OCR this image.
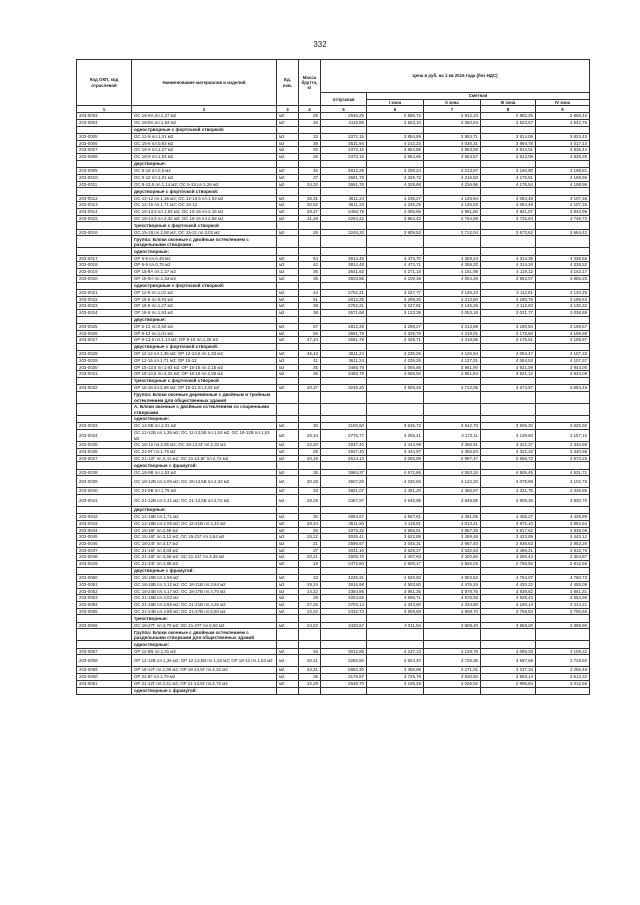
332
Код ОКП, код отраслевой	Наименование материалов и изделий	Ед. изм.	Масса брутто, кг	Цена в руб. на 1 кв 2016 года (без НДС)				
				отпускная	Сметная			
					I зона	II зона	III зона	IV зона
1	2	3	4	5	6	7	8	9
203-0003	ОС 15-9А пл.1,27 м2	м2	25	2546,25	2 885,72	2 912,23	2 882,25	2 858,42
203-0004	ОС 18-9А пл.1,53 м2	м2	26	3116,88	3 553,10	3 550,84	3 523,67	3 542,75
	однострворные с форточкой створкой:							
203-0005	ОС 12-9 пл.1,01 м2	м2	33	3372,15	3 854,89	3 853,71	3 814,06	3 833,43
203-0006	ОС 15-6 пл.0,83 м2	м2	38	3531,94	4 142,23	4 036,31	3 894,78	4 017,13
203-0007	ОС 15-9 пл.1,27 м2	м2	30	3372,15	3 854,85	3 853,58	3 814,01	3 835,44
203-0008	ОС 18-9 пл.1,53 м2	м2	28	3372,15	3 854,85	3 853,57	3 813,09	3 835,38
	двустворные:							
203-0009	ОС 6-12 пл.0,5 м2	м2	45	2812,29	3 298,24	3 213,67	3 180,80	3 198,61
203-0010	ОС 9-12 пл.1,01 м2	м2	37	3691,78	4 329,72	4 216,93	4 175,51	4 198,96
203-0011	ОС 9-13,5 пл.1,14 м2; ОС 9-15 пл.1,26 м2	м2	34,33	3691,78	4 329,68	4 216,96	4 175,54	4 198,96
	двустворные с форточкой створкой:							
203-0012	ОС 12-12 пл.1,36 м2; ОС 12-13,5 пл.1,53 м2	м2	35,31	3611,24	4 235,27	4 126,94	4 084,48	4 107,38
203-0013	ОС 12-15 пл.1,71 м2; ОС 15-12	м2	30,52	3611,24	4 235,25	4 126,93	4 084,48	4 107,35
203-0014	ОС 15-13,5 пл.1,93 м2; ОС 15-15 пл.2,15 м2	м2	29,27	3466,79	4 065,86	3 961,60	3 921,07	3 942,99
203-0015	ОС 18-13,5 пл.2,32 м2; ОС 18-15 пл.2,58 м2	м2	31,28	3294,22	3 863,42	3 764,59	3 725,84	3 746,72
	трехстворные с форточкой створкой							
203-0016	ОС 15-18 пл.2,58 м2; ОС 15-21 пл.3,02 м2	м2	28	3249,20	3 809,53	3 712,04	3 673,62	3 694,42
	Группа: Блоки оконные с двойным остеклением с раздельными створками:							
	одностворные:							
203-0017	ОР 6-9 пл.0,49 м2	м2	54	3814,48	4 473,70	4 359,24	4 314,35	4 338,55
203-0018	ОР 9-9 пл.0,75 м2	м2	42	3814,48	4 473,71	4 359,20	4 314,34	4 338,52
203-0019	ОР 15-9А пл.1,27 м2	м2	36	3641,92	4 271,18	4 161,98	4 119,12	4 142,17
203-0020	ОР 18-9А пл.1,53 м2	м2	35	3503,86	4 109,36	4 004,29	3 963,07	3 985,25
	однострворные с форточкой створкой:							
203-0021	ОР 12-9 пл.1,01 м2	м2	44	2752,21	3 227,77	3 145,23	3 112,81	3 130,28
203-0022	ОР 15-6 пл.0,83 м2	м2	51	2812,29	3 298,26	3 213,60	3 180,79	3 198,64
203-0023	ОР 15-9 пл.1,27 м2	м2	38	2752,21	3 227,81	3 145,26	3 112,83	3 130,32
203-0024	ОР 18-9 пл.1,53 м2	м2	38	2671,68	3 133,35	3 053,18	3 021,77	3 038,69
	двустворные:							
203-0025	ОР 6-12 пл.0,66 м2	м2	67	2812,29	3 298,27	3 213,88	3 180,84	3 198,67
203-0026	ОР 9-12 пл.1,01 м2	м2	50	3691,78	4 329,75	4 219,01	4 175,60	4 198,98
203-0027	ОР 9-13,5 пл.1,14 м2; ОР 9-15 пл.1,26 м2	м2	47,44	3691,78	4 329,71	4 218,96	4 175,51	4 198,97
	двустворные с форточкой створкой:							
203-0028	ОР 12-12 пл.1,36 м2; ОР 12-13,5 пл.1,53 м2	м2	46,43	3611,24	4 235,26	4 126,94	4 084,47	4 107,33
203-0029	ОР 12-15 пл.1,71 м2; ОР 15-12	м2	41	3611,24	4 235,28	4 127,01	4 084,53	4 107,37
203-0030	ОР 15-13,5 пл.1,93 м2; ОР 15-15 пл.2,15 м2	м2	35	3466,79	4 065,86	3 961,90	3 921,09	3 943,00
203-0031	ОР 18-13,5 пл.2,32 м2; ОР 18-15 пл.2,58 м2	м2	36	3466,79	4 066,92	3 961,84	3 921,12	3 943,08
	трехстворные с форточкой створкой							
203-0032	ОР 15-18 пл.2,58 м2; ОР 15-21 пл.3,02 м2	м2	40,37	3248,20	3 809,49	3 712,06	3 673,67	3 694,49
	Группа: Блоки оконные деревянные с двойным и тройным остеклением для общественных зданий							
	А. Блоки оконные с двойным остеклением со спаренными створками							
	одностворные:							
203-0033	ОС 12-9В пл.1,01 м2	м2	30	3100,60	3 635,72	3 542,70	3 506,20	3 525,90
203-0034	ОС 12-12В пл.1,36 м2; ОС 12-13,5В пл.1,53 м2; ОС 18-12В пл.1,53 м2	м2	25,24	2775,77	3 255,41	3 172,11	3 139,50	3 157,10
203-0035	ОС 18-12 пл.2,06 м2; ОС 18-13,5Г пл.2,32 м2	м2	22,20	2937,40	3 444,99	3 356,91	3 322,37	3 340,98
203-0036	ОС 21-9Г пл.1,79 м2	м2	25	2937,40	3 444,97	3 356,84	3 322,32	3 340,98
203-0037	ОС 21-12Г пл.2,41 м2; ОС 21-13,5Г пл.2,72 м2	м2	20,19	2614,14	3 065,89	2 987,47	2 956,72	2 973,25
	одностворные с фрамугой:							
203-0038	ОС 18-9В пл.1,53 м2	м2	35	3984,37	4 672,86	4 553,34	4 506,45	4 531,71
203-0039	ОС 18-12В пл.2,06 м2; ОС 18-13,5В пл.2,32 м2	м2	30,28	3607,20	4 230,50	4 122,32	4 079,89	4 102,76
203-0040	ОС 21-9В пл.1,79 м2	м2	33	3821,07	4 481,20	4 366,67	4 321,76	4 345,95
203-0041	ОС 21-12В пл.2,41 м2; ОС 21-13,5В пл.2,72 м2	м2	28,29	3367,97	3 949,95	3 848,95	3 809,35	3 830,70
	двустворные:							
203-0042	ОС 12-18В пл.1,71 м2	м2	30	3894,67	4 567,91	4 451,05	4 405,27	4 429,99
203-0043	ОС 12-18В пл.2,06 м2; ОС 12-21В пл.2,42 м2	м2	29,24	3511,90	4 118,81	4 013,41	3 972,10	3 994,54
203-0044	ОС 15-18Г пл.2,59 м2	м2	26	3375,32	3 958,61	3 857,35	3 817,62	3 839,08
203-0045	ОС 15-18Г пл.3,12 м2; ОС 15-21Г пл.3,64 м2	м2	25,22	3026,41	3 622,88	3 459,48	3 423,89	3 443,12
203-0046	ОС 18-24Г пл.4,17 м2	м2	21	2596,57	3 045,31	2 967,40	2 936,63	2 953,26
203-0047	ОС 21-15Г пл.3,03 м2	м2	27	3031,10	3 625,27	3 532,53	3 496,21	3 515,76
203-0048	ОС 21-18Г пл.3,65 м2; ОС 21-21Г пл.4,26 м2	м2	20,21	2905,70	3 407,83	3 320,60	3 286,44	3 304,87
203-0049	ОС 21-24Г пл.4,88 м2	м2	19	2472,60	2 900,17	2 826,03	2 796,92	2 812,58
	двустворные с фрамугой:							
203-0050	ОС 15-18В пл.2,59 м2	м2	33	4235,31	4 929,60	4 803,53	4 754,07	4 780,73
203-0051	ОС 18-18В пл.3,12 м2; ОС 18-21В пл.3,64 м2	м2	29,24	3916,98	4 593,80	4 476,34	4 430,22	4 455,09
203-0052	ОС 18-24В пл.4,17 м2; ОС 18-27В пл.4,70 м2	м2	24,22	3384,95	3 961,35	3 878,75	3 838,82	3 861,31
203-0053	ОС 21-15В пл.3,03 м2	м2	28	4004,66	4 696,71	4 576,58	4 529,43	4 554,96
203-0054	ОС 21-18В пл.3,65 м2; ОС 21-21В пл.4,26 м2	м2	27,25	3703,14	4 343,80	4 234,80	4 190,14	4 214,21
203-0055	ОС 21-24В пл.4,88 м2; ОС 21-27В пл.5,50 м2	м2	22,22	2332,73	3 908,69	3 808,70	3 769,53	3 790,66
	трехстворные:							
203-0056	ОС 18-27Г пл.4,70 м2; ОС 21-27Г пл.5,50 м2	м2	24,22	3420,67	4 011,94	3 909,40	3 868,20	3 889,90
	Группа: Блоки оконные с двойным остеклением с раздельными створками для общественных зданий							
	одностворные:							
203-0057	ОР 12-9В пл.1,01 м2	м2	46	3012,86	4 237,13	4 128,78	4 086,33	4 109,22
203-0058	ОР 12-12В пл.1,36 м2; ОР 12-13,5В пл.1,53 м2; ОР 18-12 пл.1,53 м2	м2	40,41	3260,50	3 824,40	3 726,35	3 687,68	3 718,60
203-0059	ОР 18-12Г пл.2,06 м2; ОР 18-13,5Г пл.2,32 м2	м2	34,31	2862,30	3 356,98	3 271,01	3 237,34	3 255,48
203-0060	ОР 21-9Г пл.1,79 м2	м2	35	3176,87	3 725,78	3 630,50	3 593,14	3 613,32
203-0061	ОР 21-12Г пл.2,41 м2; ОР 21-13,5Г пл.2,72 м2	м2	32,29	2646,70	3 106,48	3 026,92	2 995,84	3 012,58
	одностворные с фрамугой:							
